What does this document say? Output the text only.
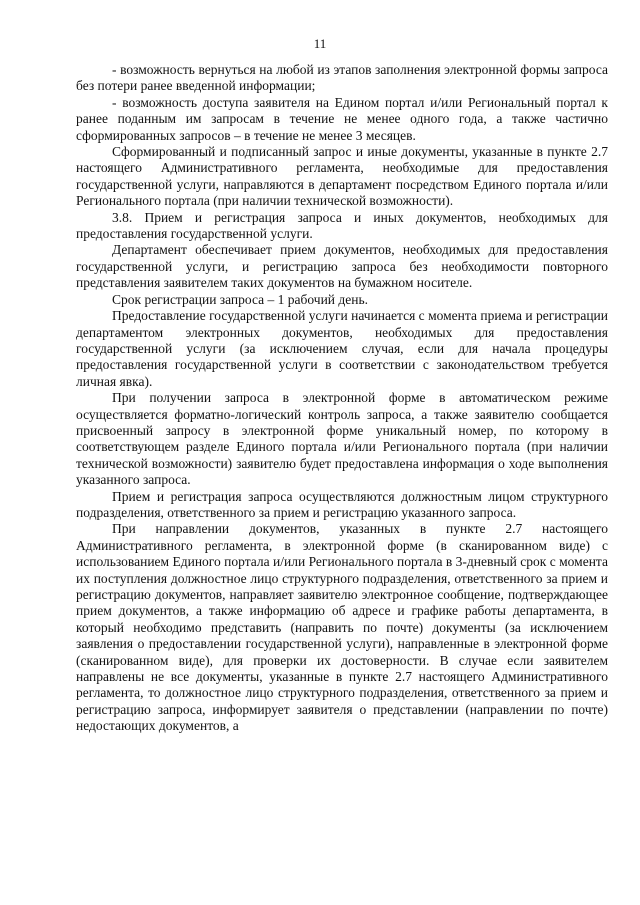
11

- возможность вернуться на любой из этапов заполнения электронной формы запроса без потери ранее введенной информации;

- возможность доступа заявителя на Едином портал и/или Региональный портал к ранее поданным им запросам в течение не менее одного года, а также частично сформированных запросов – в течение не менее 3 месяцев.

Сформированный и подписанный запрос и иные документы, указанные в пункте 2.7 настоящего Административного регламента, необходимые для предоставления государственной услуги, направляются в департамент посредством Единого портала и/или Регионального портала (при наличии технической возможности).

3.8. Прием и регистрация запроса и иных документов, необходимых для предоставления государственной услуги.

Департамент обеспечивает прием документов, необходимых для предоставления государственной услуги, и регистрацию запроса без необходимости повторного представления заявителем таких документов на бумажном носителе.

Срок регистрации запроса – 1 рабочий день.

Предоставление государственной услуги начинается с момента приема и регистрации департаментом электронных документов, необходимых для предоставления государственной услуги (за исключением случая, если для начала процедуры предоставления государственной услуги в соответствии с законодательством требуется личная явка).

При получении запроса в электронной форме в автоматическом режиме осуществляется форматно-логический контроль запроса, а также заявителю сообщается присвоенный запросу в электронной форме уникальный номер, по которому в соответствующем разделе Единого портала и/или Регионального портала (при наличии технической возможности) заявителю будет предоставлена информация о ходе выполнения указанного запроса.

Прием и регистрация запроса осуществляются должностным лицом структурного подразделения, ответственного за прием и регистрацию указанного запроса.

При направлении документов, указанных в пункте 2.7 настоящего Административного регламента, в электронной форме (в сканированном виде) с использованием Единого портала и/или Регионального портала в 3-дневный срок с момента их поступления должностное лицо структурного подразделения, ответственного за прием и регистрацию документов, направляет заявителю электронное сообщение, подтверждающее прием документов, а также информацию об адресе и графике работы департамента, в который необходимо представить (направить по почте) документы (за исключением заявления о предоставлении государственной услуги), направленные в электронной форме (сканированном виде), для проверки их достоверности. В случае если заявителем направлены не все документы, указанные в пункте 2.7 настоящего Административного регламента, то должностное лицо структурного подразделения, ответственного за прием и регистрацию запроса, информирует заявителя о представлении (направлении по почте) недостающих документов, а
